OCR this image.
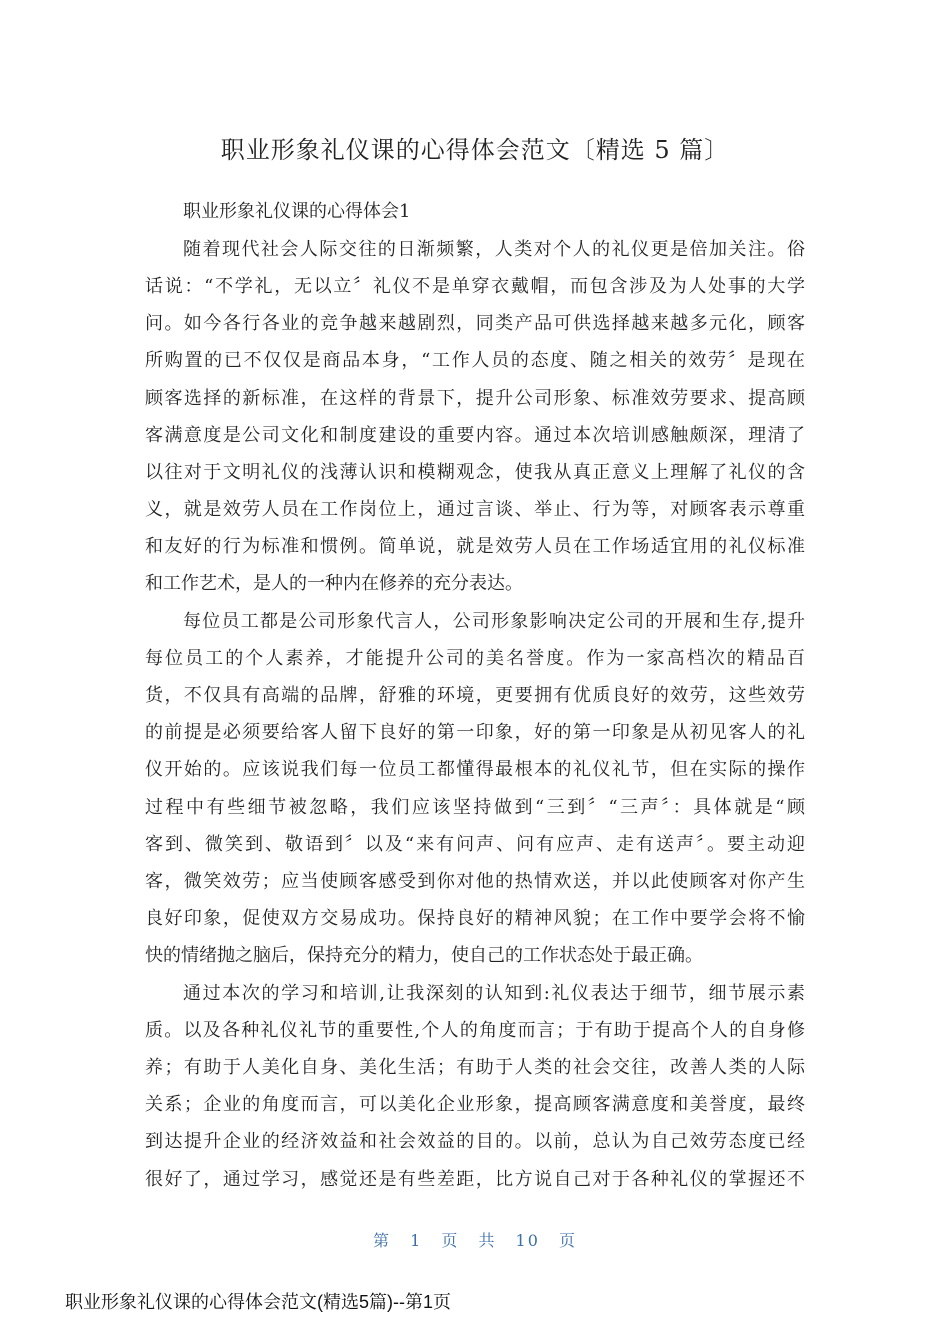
职业形象礼仪课的心得体会范文〔精选 5 篇〕
职业形象礼仪课的心得体会1
随着现代社会人际交往的日渐频繁，人类对个人的礼仪更是倍加关注。俗
话说：“不学礼，无以立〞礼仪不是单穿衣戴帽，而包含涉及为人处事的大学
问。如今各行各业的竞争越来越剧烈，同类产品可供选择越来越多元化，顾客
所购置的已不仅仅是商品本身，“工作人员的态度、随之相关的效劳〞是现在
顾客选择的新标准，在这样的背景下，提升公司形象、标准效劳要求、提高顾
客满意度是公司文化和制度建设的重要内容。通过本次培训感触颇深，理清了
以往对于文明礼仪的浅薄认识和模糊观念，使我从真正意义上理解了礼仪的含
义，就是效劳人员在工作岗位上，通过言谈、举止、行为等，对顾客表示尊重
和友好的行为标准和惯例。简单说，就是效劳人员在工作场适宜用的礼仪标准
和工作艺术，是人的一种内在修养的充分表达。
每位员工都是公司形象代言人，公司形象影响决定公司的开展和生存,提升
每位员工的个人素养，才能提升公司的美名誉度。作为一家高档次的精品百
货，不仅具有高端的品牌，舒雅的环境，更要拥有优质良好的效劳，这些效劳
的前提是必须要给客人留下良好的第一印象，好的第一印象是从初见客人的礼
仪开始的。应该说我们每一位员工都懂得最根本的礼仪礼节，但在实际的操作
过程中有些细节被忽略，我们应该坚持做到“三到〞“三声〞：具体就是“顾
客到、微笑到、敬语到〞以及“来有问声、问有应声、走有送声〞。要主动迎
客，微笑效劳；应当使顾客感受到你对他的热情欢送，并以此使顾客对你产生
良好印象，促使双方交易成功。保持良好的精神风貌；在工作中要学会将不愉
快的情绪抛之脑后，保持充分的精力，使自己的工作状态处于最正确。
通过本次的学习和培训,让我深刻的认知到:礼仪表达于细节，细节展示素
质。以及各种礼仪礼节的重要性,个人的角度而言；于有助于提高个人的自身修
养；有助于人美化自身、美化生活；有助于人类的社会交往，改善人类的人际
关系；企业的角度而言，可以美化企业形象，提高顾客满意度和美誉度，最终
到达提升企业的经济效益和社会效益的目的。以前，总认为自己效劳态度已经
很好了，通过学习，感觉还是有些差距，比方说自己对于各种礼仪的掌握还不
第 1 页 共 10 页
职业形象礼仪课的心得体会范文(精选5篇)--第1页
